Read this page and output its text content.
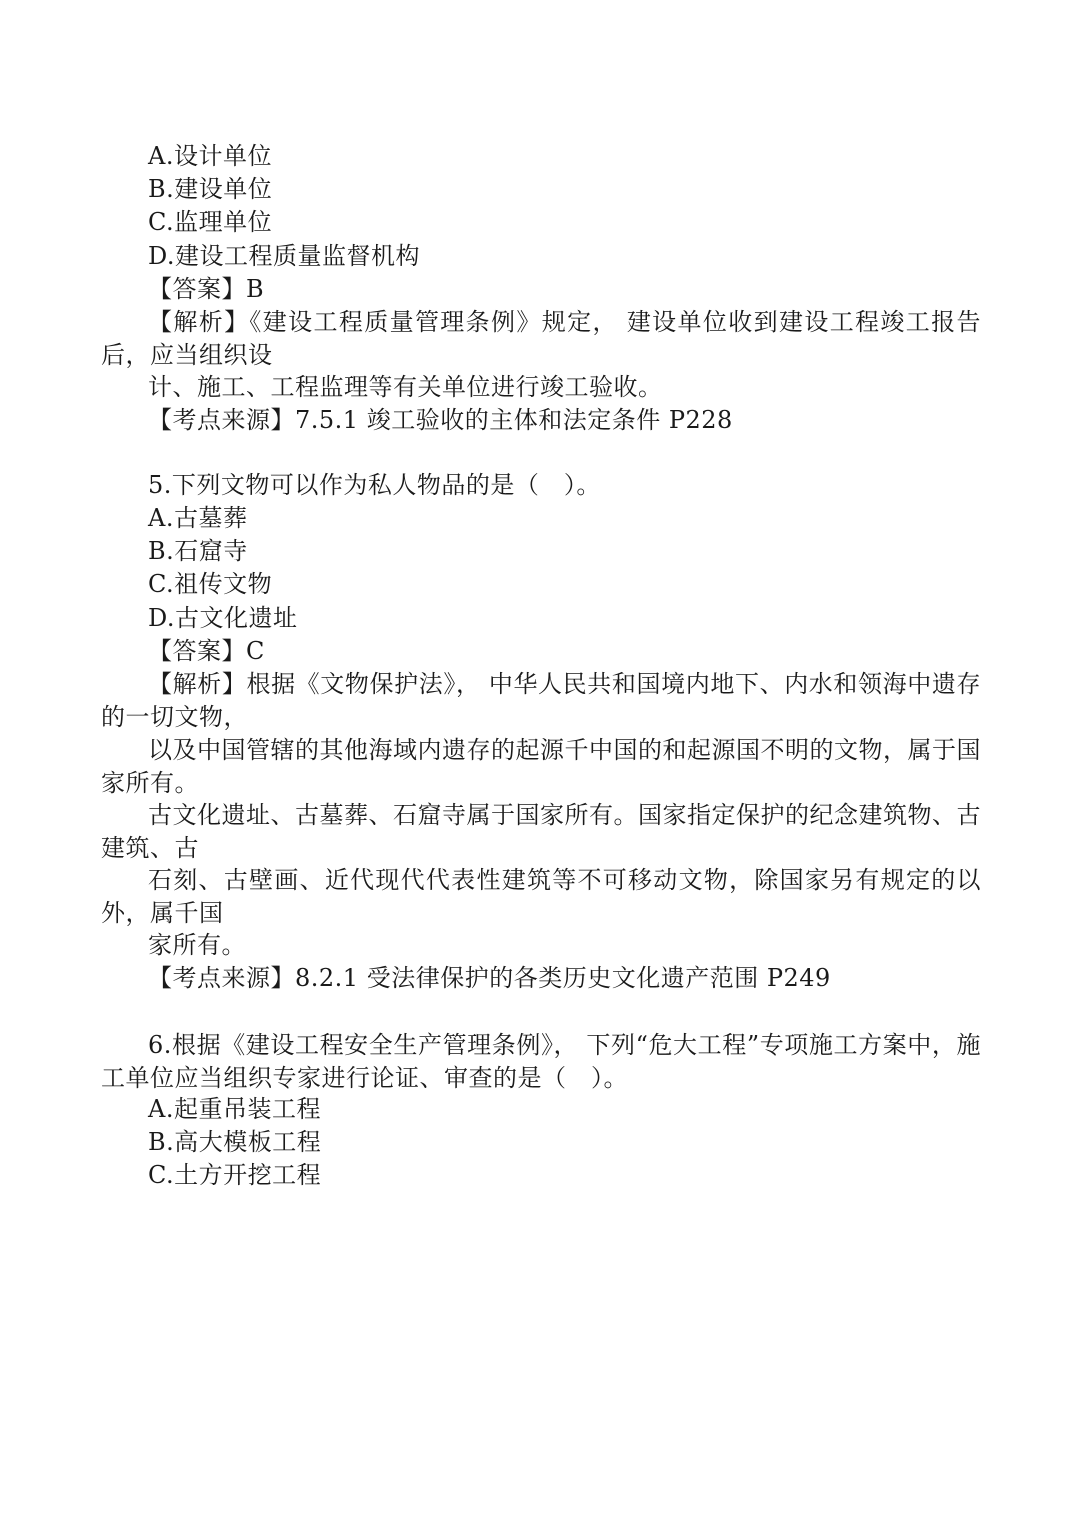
A.设计单位
B.建设单位
C.监理单位
D.建设工程质量监督机构
【答案】B
【解析】《建设工程质量管理条例》规定， 建设单位收到建设工程竣工报告后，应当组织设
计、施工、工程监理等有关单位进行竣工验收。
【考点来源】7.5.1 竣工验收的主体和法定条件 P228
5.下列文物可以作为私人物品的是（　）。
A.古墓葬
B.石窟寺
C.祖传文物
D.古文化遗址
【答案】C
【解析】根据《文物保护法》， 中华人民共和国境内地下、内水和领海中遗存的一切文物，
以及中国管辖的其他海域内遗存的起源千中国的和起源国不明的文物，属于国家所有。
古文化遗址、古墓葬、石窟寺属于国家所有。国家指定保护的纪念建筑物、古建筑、古
石刻、古壁画、近代现代代表性建筑等不可移动文物，除国家另有规定的以外，属千国
家所有。
【考点来源】8.2.1 受法律保护的各类历史文化遗产范围 P249
6.根据《建设工程安全生产管理条例》， 下列“危大工程”专项施工方案中，施工单位应当组织专家进行论证、审查的是（　）。
A.起重吊装工程
B.高大模板工程
C.土方开挖工程
